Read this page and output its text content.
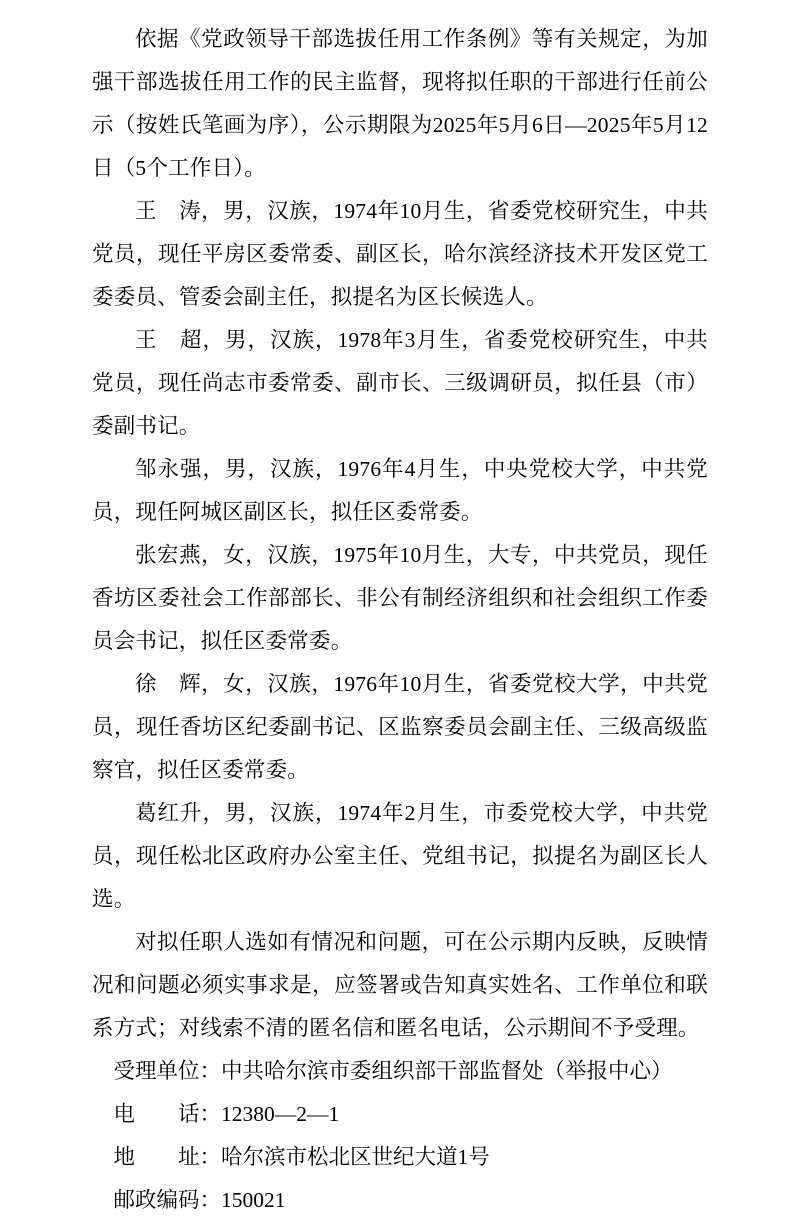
依据《党政领导干部选拔任用工作条例》等有关规定，为加强干部选拔任用工作的民主监督，现将拟任职的干部进行任前公示（按姓氏笔画为序），公示期限为2025年5月6日—2025年5月12日（5个工作日）。

王　涛，男，汉族，1974年10月生，省委党校研究生，中共党员，现任平房区委常委、副区长，哈尔滨经济技术开发区党工委委员、管委会副主任，拟提名为区长候选人。

王　超，男，汉族，1978年3月生，省委党校研究生，中共党员，现任尚志市委常委、副市长、三级调研员，拟任县（市）委副书记。

邹永强，男，汉族，1976年4月生，中央党校大学，中共党员，现任阿城区副区长，拟任区委常委。

张宏燕，女，汉族，1975年10月生，大专，中共党员，现任香坊区委社会工作部部长、非公有制经济组织和社会组织工作委员会书记，拟任区委常委。

徐　辉，女，汉族，1976年10月生，省委党校大学，中共党员，现任香坊区纪委副书记、区监察委员会副主任、三级高级监察官，拟任区委常委。

葛红升，男，汉族，1974年2月生，市委党校大学，中共党员，现任松北区政府办公室主任、党组书记，拟提名为副区长人选。

对拟任职人选如有情况和问题，可在公示期内反映，反映情况和问题必须实事求是，应签署或告知真实姓名、工作单位和联系方式；对线索不清的匿名信和匿名电话，公示期间不予受理。

受理单位：中共哈尔滨市委组织部干部监督处（举报中心）

电　　话：12380—2—1

地　　址：哈尔滨市松北区世纪大道1号

邮政编码：150021
